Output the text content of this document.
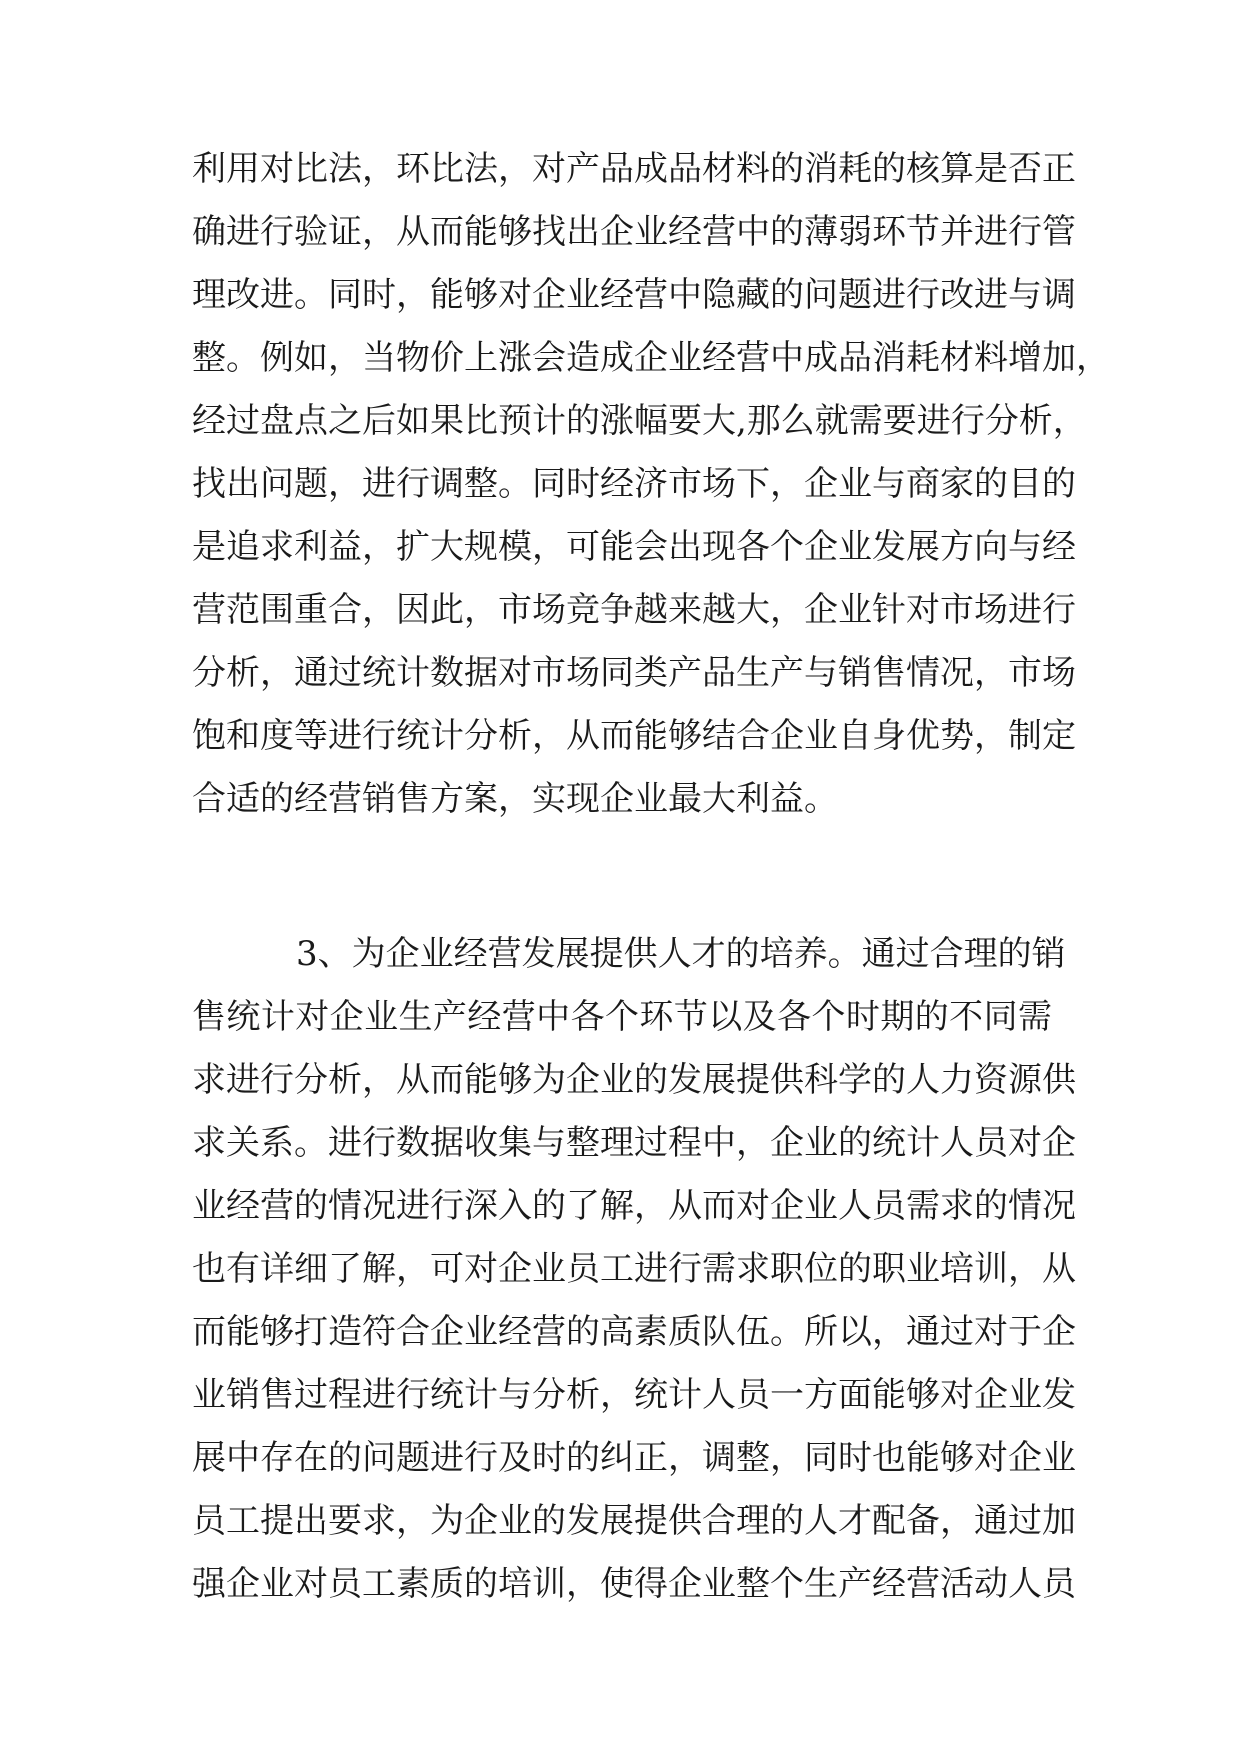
利用对比法，环比法，对产品成品材料的消耗的核算是否正
确进行验证，从而能够找出企业经营中的薄弱环节并进行管
理改进。同时，能够对企业经营中隐藏的问题进行改进与调
整。例如，当物价上涨会造成企业经营中成品消耗材料增加，
经过盘点之后如果比预计的涨幅要大,那么就需要进行分析，
找出问题，进行调整。同时经济市场下，企业与商家的目的
是追求利益，扩大规模，可能会出现各个企业发展方向与经
营范围重合，因此，市场竞争越来越大，企业针对市场进行
分析，通过统计数据对市场同类产品生产与销售情况，市场
饱和度等进行统计分析，从而能够结合企业自身优势，制定
合适的经营销售方案，实现企业最大利益。
3、为企业经营发展提供人才的培养。通过合理的销
售统计对企业生产经营中各个环节以及各个时期的不同需
求进行分析，从而能够为企业的发展提供科学的人力资源供
求关系。进行数据收集与整理过程中，企业的统计人员对企
业经营的情况进行深入的了解，从而对企业人员需求的情况
也有详细了解，可对企业员工进行需求职位的职业培训，从
而能够打造符合企业经营的高素质队伍。所以，通过对于企
业销售过程进行统计与分析，统计人员一方面能够对企业发
展中存在的问题进行及时的纠正，调整，同时也能够对企业
员工提出要求，为企业的发展提供合理的人才配备，通过加
强企业对员工素质的培训，使得企业整个生产经营活动人员
